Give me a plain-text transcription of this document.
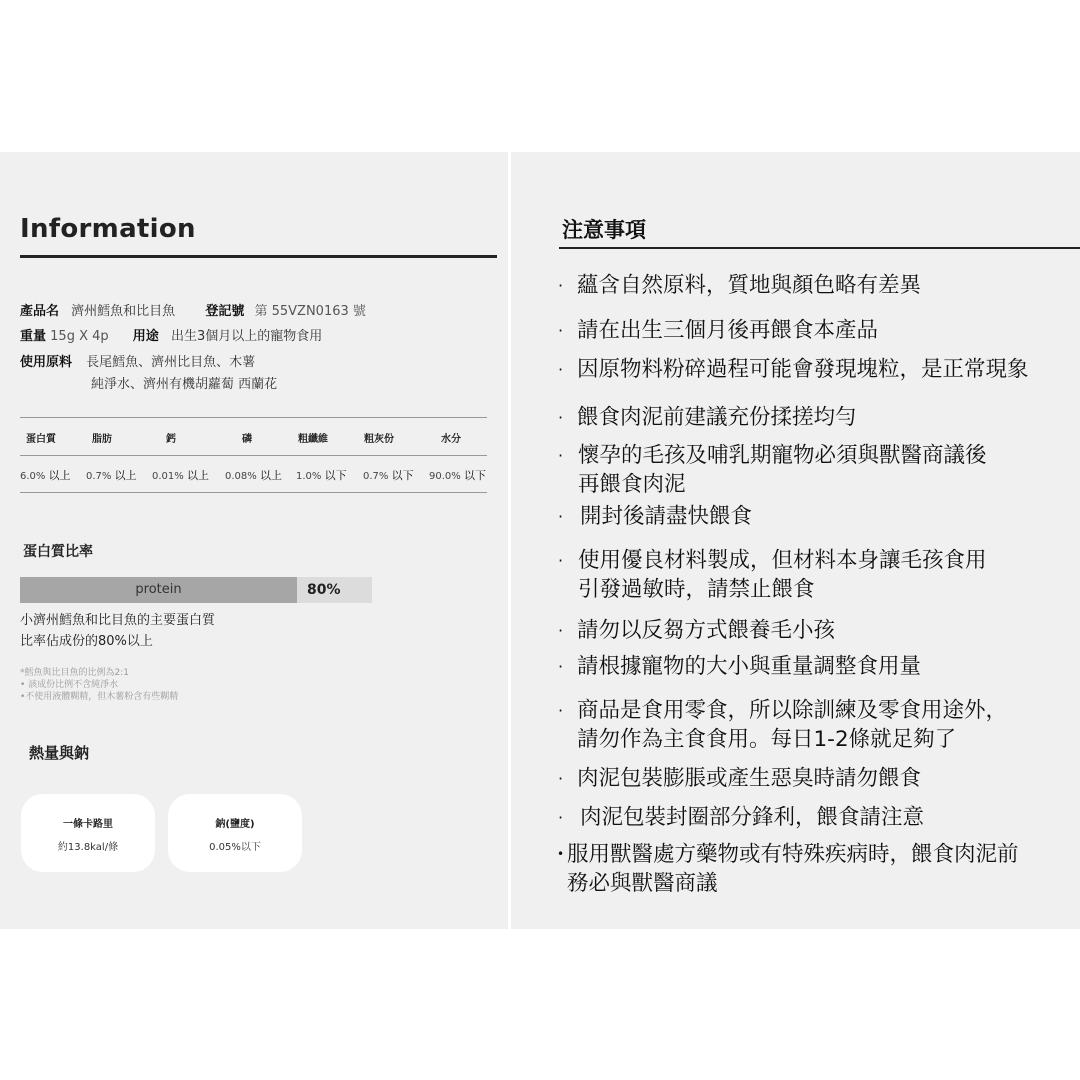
Information
產品名 濟州鱈魚和比目魚 登記號 第 55VZN0163 號
重量 15g X 4p 用途 出生3個月以上的寵物食用
使用原料 長尾鱈魚、濟州比目魚、木薯
純淨水、濟州有機胡蘿蔔 西蘭花
蛋白質	脂肪	鈣	磷	粗纖維	粗灰份	水分
6.0% 以上 0.7% 以上 0.01% 以上 0.08% 以上 1.0% 以下 0.7% 以下 90.0% 以下
蛋白質比率
protein	80%
小濟州鱈魚和比目魚的主要蛋白質
比率佔成份的80%以上
*鱈魚與比目魚的比例為2:1
• 該成份比例不含純淨水
•不使用液體糊精，但木薯粉含有些糊精
熱量與鈉
一條卡路里
約13.8kal/條
鈉(鹽度)
0.05%以下
注意事項
· 蘊含自然原料，質地與顏色略有差異
· 請在出生三個月後再餵食本產品
· 因原物料粉碎過程可能會發現塊粒，是正常現象
· 餵食肉泥前建議充份揉搓均勻
· 懷孕的毛孩及哺乳期寵物必須與獸醫商議後
再餵食肉泥
· 開封後請盡快餵食
· 使用優良材料製成，但材料本身讓毛孩食用
引發過敏時，請禁止餵食
· 請勿以反芻方式餵養毛小孩
· 請根據寵物的大小與重量調整食用量
· 商品是食用零食，所以除訓練及零食用途外，
請勿作為主食食用。每日1-2條就足夠了
· 肉泥包裝膨脹或產生惡臭時請勿餵食
· 肉泥包裝封圈部分鋒利，餵食請注意
• 服用獸醫處方藥物或有特殊疾病時，餵食肉泥前
務必與獸醫商議
